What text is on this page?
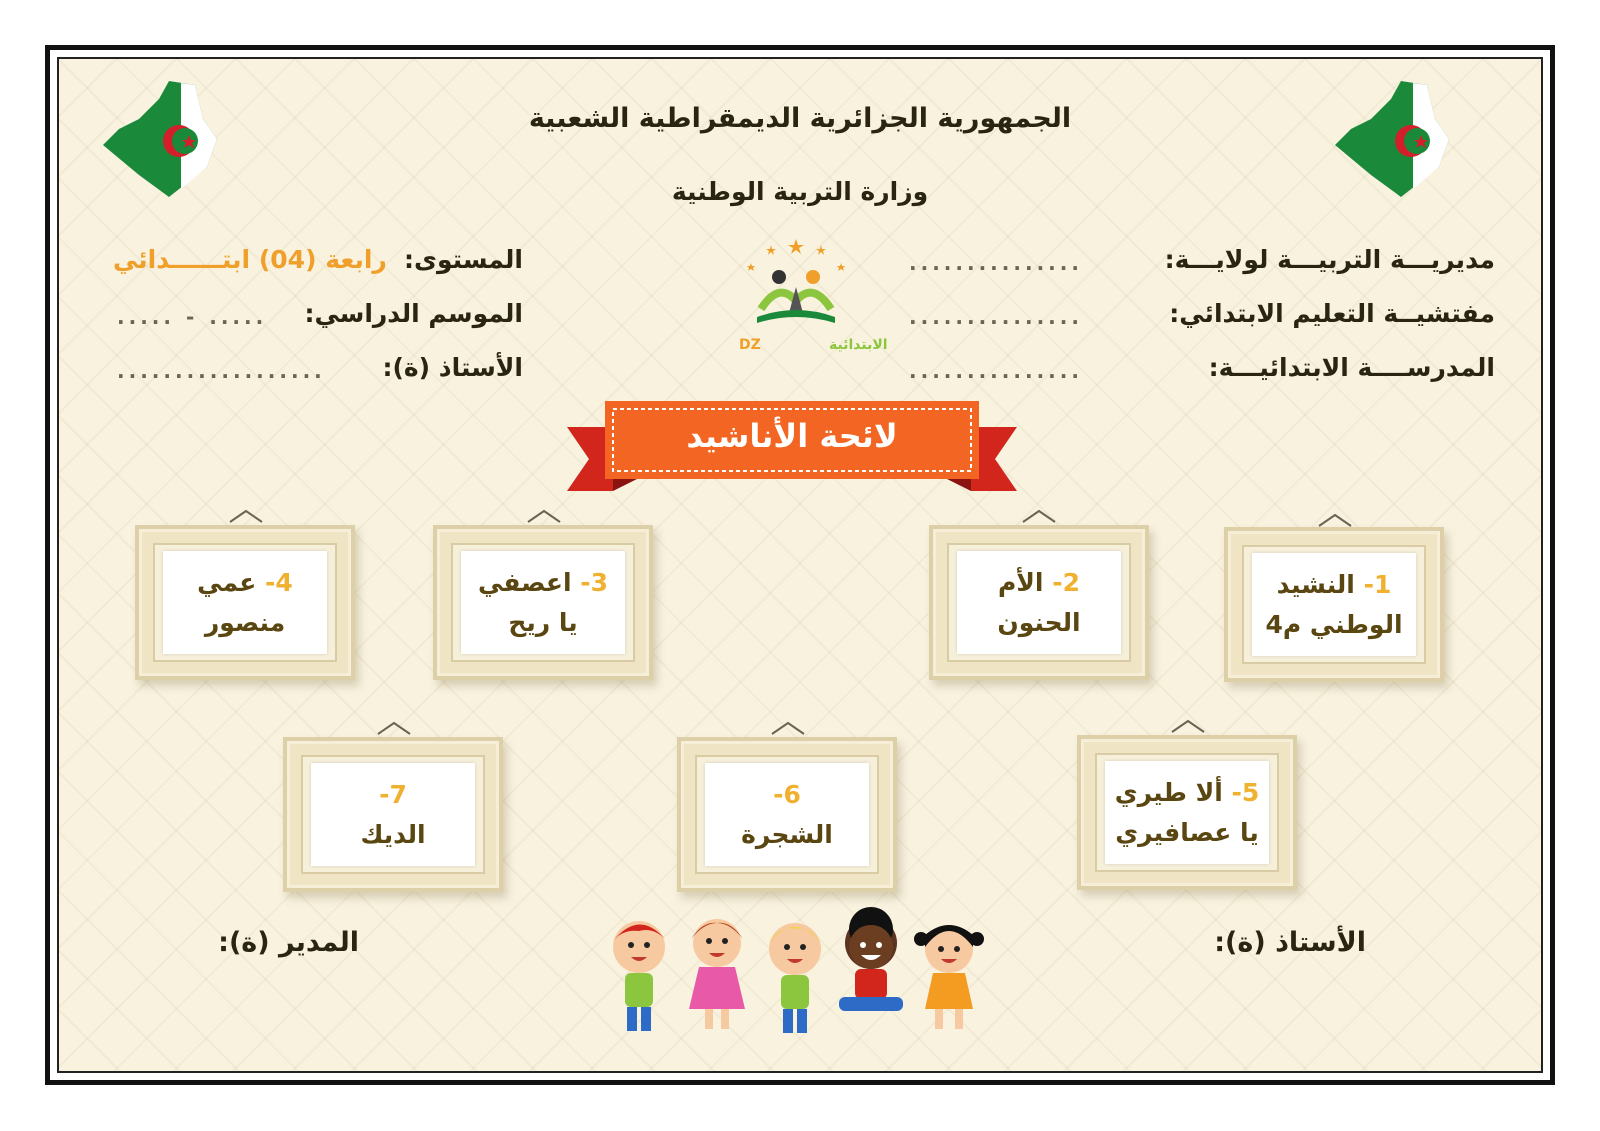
الجمهورية الجزائرية الديمقراطية الشعبية
وزارة التربية الوطنية
مديريـــة التربيـــة لولايـــة:
...............
مفتشيــة التعليم الابتدائي:
...............
المدرســــة الابتدائيـــة:
...............
المستوى:
رابعة (04) ابتــــــدائي
الموسم الدراسي:
..... - .....
الأستاذ (ة):
..................
الابتدائية
DZ
لائحة الأناشيد
1- النشيد
الوطني م4
2- الأم
الحنون
3- اعصفي
يا ريح
4- عمي
منصور
5- ألا طيري
يا عصافيري
6-
الشجرة
7-
الديك
الأستاذ (ة):
المدير (ة):
